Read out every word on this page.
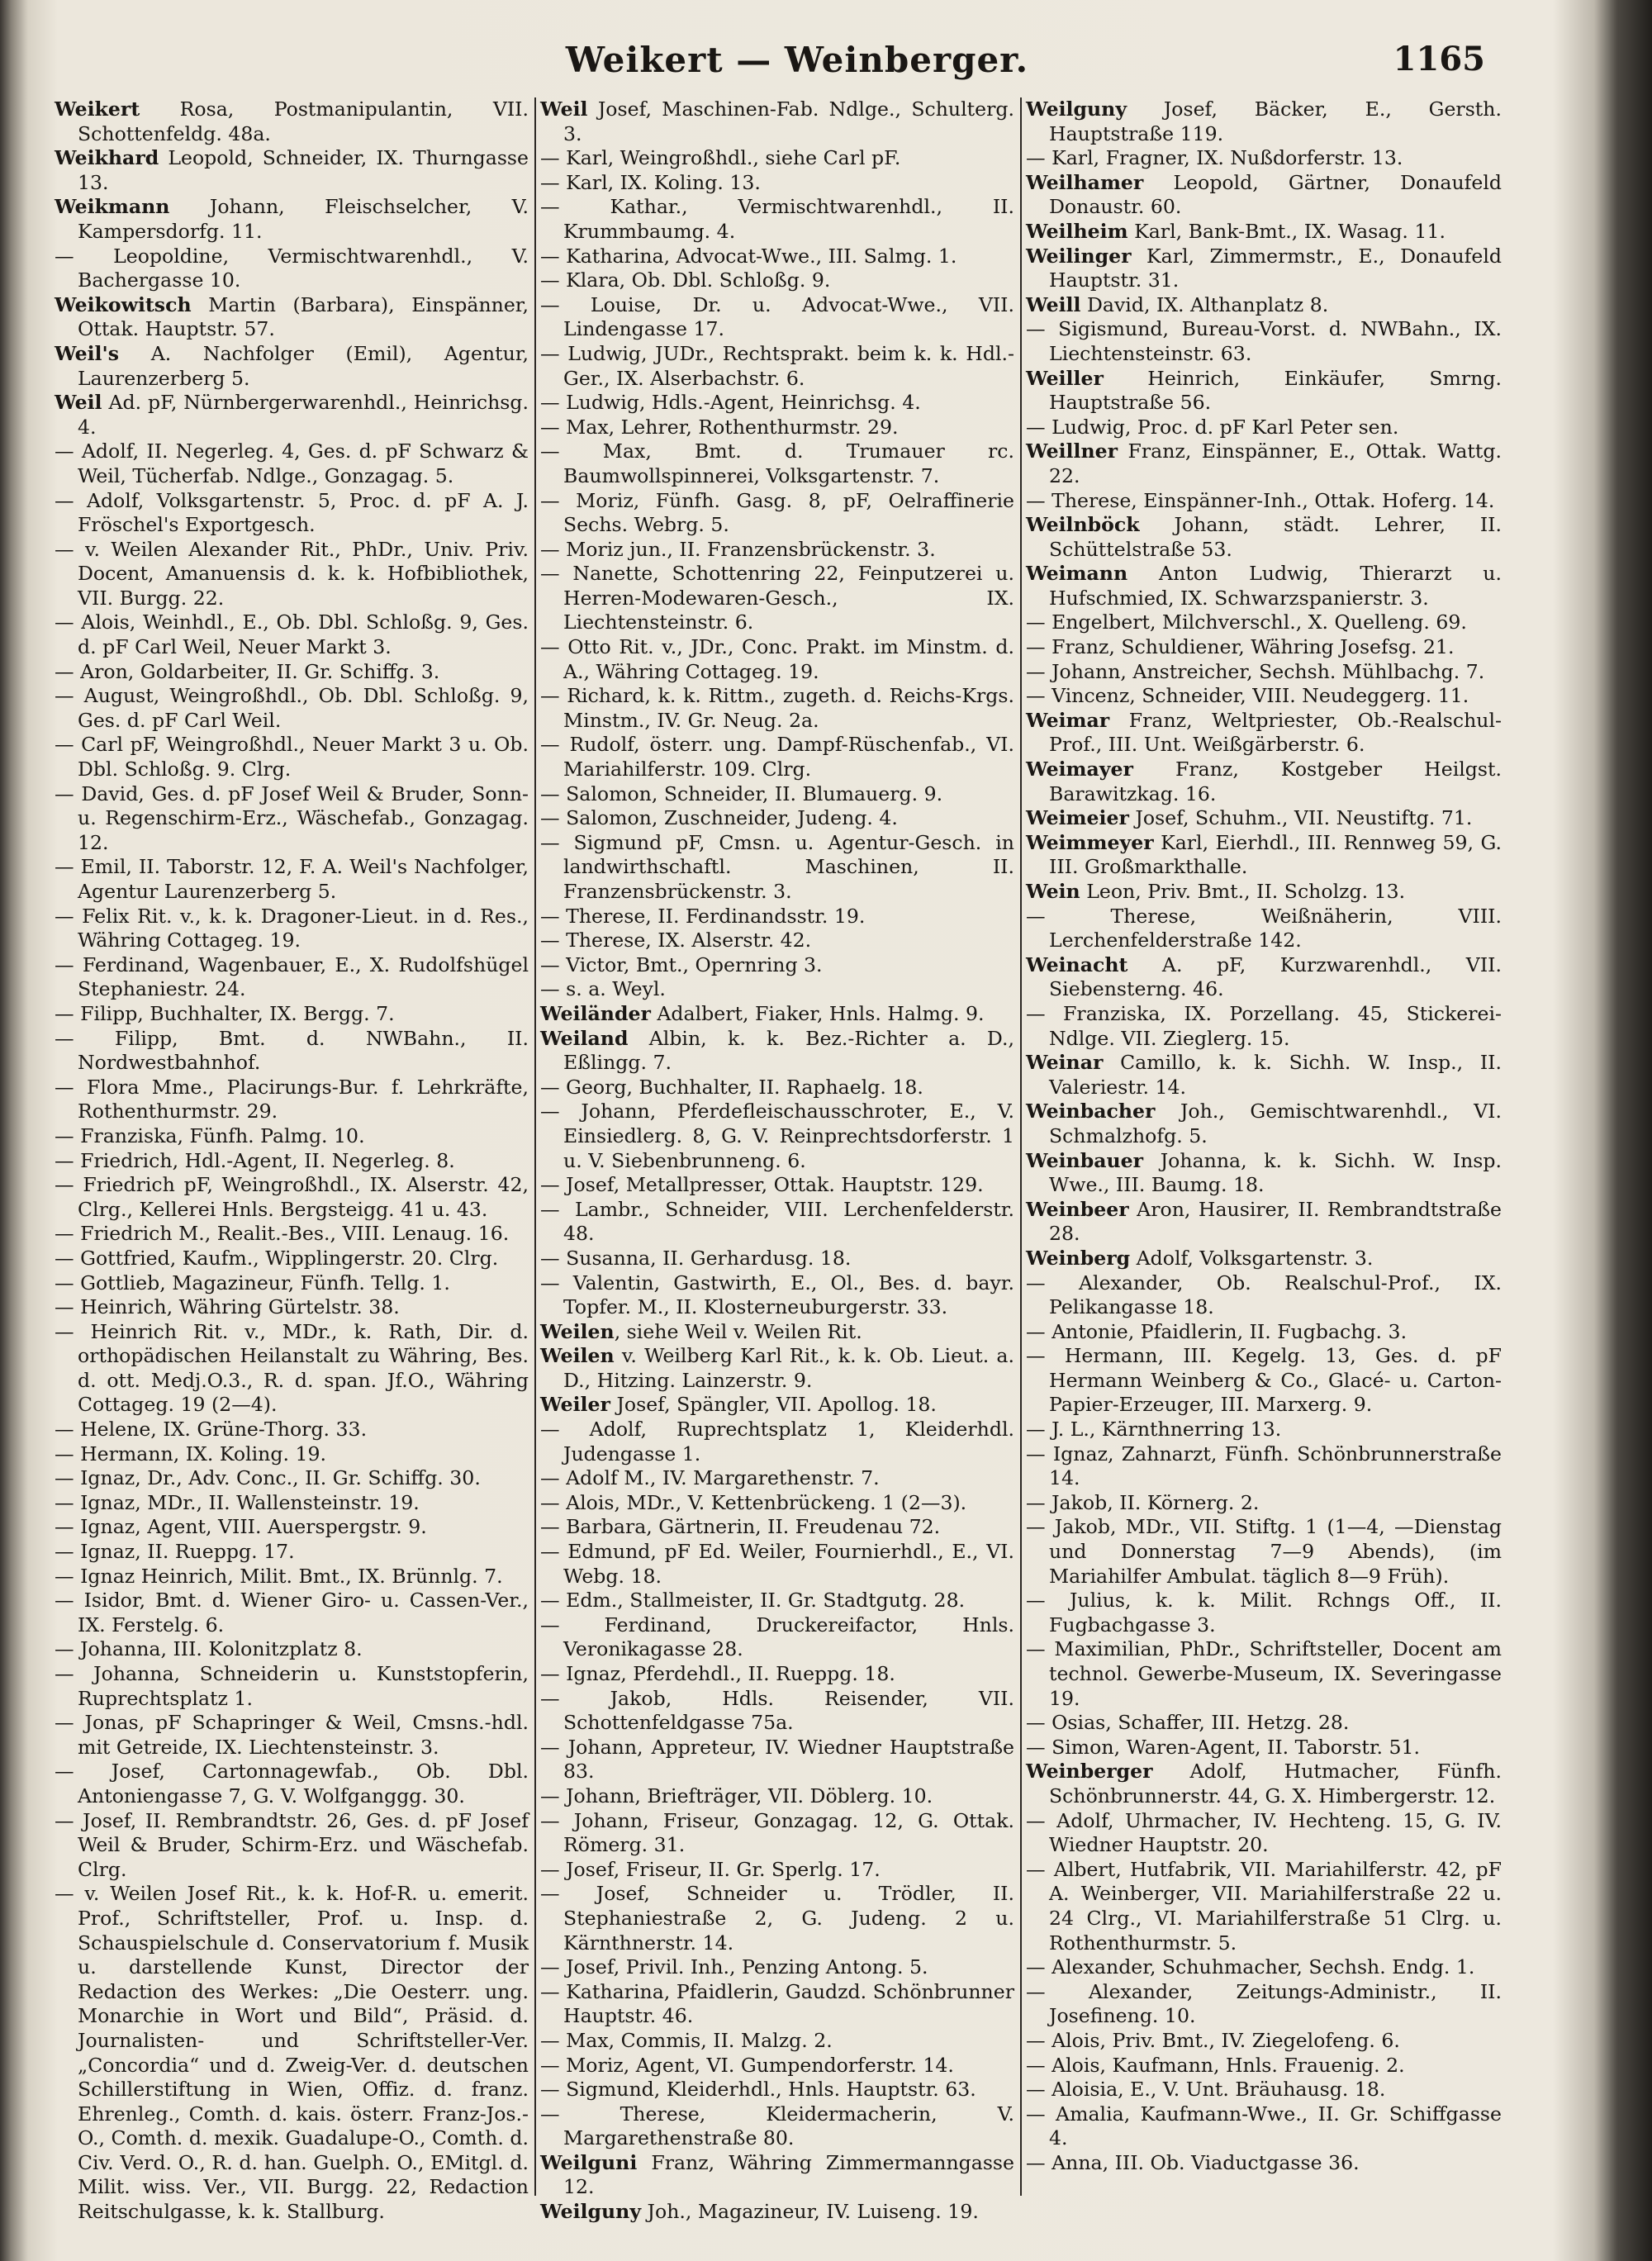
Weikert — Weinberger.	1165

Weikert Rosa, Postmanipulantin, VII. Schottenfeldg. 48a.

Weikhard Leopold, Schneider, IX. Thurngasse 13.

Weikmann Johann, Fleischselcher, V. Kampersdorfg. 11.

— Leopoldine, Vermischtwarenhdl., V. Bachergasse 10.

Weikowitsch Martin (Barbara), Einspänner, Ottak. Hauptstr. 57.

Weil's A. Nachfolger (Emil), Agentur, Laurenzerberg 5.

Weil Ad. pF, Nürnbergerwarenhdl., Heinrichsg. 4.

— Adolf, II. Negerleg. 4, Ges. d. pF Schwarz & Weil, Tücherfab. Ndlge., Gonzagag. 5.

— Adolf, Volksgartenstr. 5, Proc. d. pF A. J. Fröschel's Exportgesch.

— v. Weilen Alexander Rit., PhDr., Univ. Priv. Docent, Amanuensis d. k. k. Hofbibliothek, VII. Burgg. 22.

— Alois, Weinhdl., E., Ob. Dbl. Schloßg. 9, Ges. d. pF Carl Weil, Neuer Markt 3.

— Aron, Goldarbeiter, II. Gr. Schiffg. 3.

— August, Weingroßhdl., Ob. Dbl. Schloßg. 9, Ges. d. pF Carl Weil.

— Carl pF, Weingroßhdl., Neuer Markt 3 u. Ob. Dbl. Schloßg. 9. Clrg.

— David, Ges. d. pF Josef Weil & Bruder, Sonn- u. Regenschirm-Erz., Wäschefab., Gonzagag. 12.

— Emil, II. Taborstr. 12, F. A. Weil's Nachfolger, Agentur Laurenzerberg 5.

— Felix Rit. v., k. k. Dragoner-Lieut. in d. Res., Währing Cottageg. 19.

— Ferdinand, Wagenbauer, E., X. Rudolfshügel Stephaniestr. 24.

— Filipp, Buchhalter, IX. Bergg. 7.

— Filipp, Bmt. d. NWBahn., II. Nordwestbahnhof.

— Flora Mme., Placirungs-Bur. f. Lehrkräfte, Rothenthurmstr. 29.

— Franziska, Fünfh. Palmg. 10.

— Friedrich, Hdl.-Agent, II. Negerleg. 8.

— Friedrich pF, Weingroßhdl., IX. Alserstr. 42, Clrg., Kellerei Hnls. Bergsteigg. 41 u. 43.

— Friedrich M., Realit.-Bes., VIII. Lenaug. 16.

— Gottfried, Kaufm., Wipplingerstr. 20. Clrg.

— Gottlieb, Magazineur, Fünfh. Tellg. 1.

— Heinrich, Währing Gürtelstr. 38.

— Heinrich Rit. v., MDr., k. Rath, Dir. d. orthopädischen Heilanstalt zu Währing, Bes. d. ott. Medj.O.3., R. d. span. Jf.O., Währing Cottageg. 19 (2—4).

— Helene, IX. Grüne-Thorg. 33.

— Hermann, IX. Koling. 19.

— Ignaz, Dr., Adv. Conc., II. Gr. Schiffg. 30.

— Ignaz, MDr., II. Wallensteinstr. 19.

— Ignaz, Agent, VIII. Auerspergstr. 9.

— Ignaz, II. Rueppg. 17.

— Ignaz Heinrich, Milit. Bmt., IX. Brünnlg. 7.

— Isidor, Bmt. d. Wiener Giro- u. Cassen-Ver., IX. Ferstelg. 6.

— Johanna, III. Kolonitzplatz 8.

— Johanna, Schneiderin u. Kunststopferin, Ruprechtsplatz 1.

— Jonas, pF Schapringer & Weil, Cmsns.-hdl. mit Getreide, IX. Liechtensteinstr. 3.

— Josef, Cartonnagewfab., Ob. Dbl. Antoniengasse 7, G. V. Wolfganggg. 30.

— Josef, II. Rembrandtstr. 26, Ges. d. pF Josef Weil & Bruder, Schirm-Erz. und Wäschefab. Clrg.

— v. Weilen Josef Rit., k. k. Hof-R. u. emerit. Prof., Schriftsteller, Prof. u. Insp. d. Schauspielschule d. Conservatorium f. Musik u. darstellende Kunst, Director der Redaction des Werkes: „Die Oesterr. ung. Monarchie in Wort und Bild“, Präsid. d. Journalisten- und Schriftsteller-Ver. „Concordia“ und d. Zweig-Ver. d. deutschen Schillerstiftung in Wien, Offiz. d. franz. Ehrenleg., Comth. d. kais. österr. Franz-Jos.-O., Comth. d. mexik. Guadalupe-O., Comth. d. Civ. Verd. O., R. d. han. Guelph. O., EMitgl. d. Milit. wiss. Ver., VII. Burgg. 22, Redaction Reitschulgasse, k. k. Stallburg.

Weil Josef, Maschinen-Fab. Ndlge., Schulterg. 3.

— Karl, Weingroßhdl., siehe Carl pF.

— Karl, IX. Koling. 13.

— Kathar., Vermischtwarenhdl., II. Krummbaumg. 4.

— Katharina, Advocat-Wwe., III. Salmg. 1.

— Klara, Ob. Dbl. Schloßg. 9.

— Louise, Dr. u. Advocat-Wwe., VII. Lindengasse 17.

— Ludwig, JUDr., Rechtsprakt. beim k. k. Hdl.-Ger., IX. Alserbachstr. 6.

— Ludwig, Hdls.-Agent, Heinrichsg. 4.

— Max, Lehrer, Rothenthurmstr. 29.

— Max, Bmt. d. Trumauer rc. Baumwollspinnerei, Volksgartenstr. 7.

— Moriz, Fünfh. Gasg. 8, pF, Oelraffinerie Sechs. Webrg. 5.

— Moriz jun., II. Franzensbrückenstr. 3.

— Nanette, Schottenring 22, Feinputzerei u. Herren-Modewaren-Gesch., IX. Liechtensteinstr. 6.

— Otto Rit. v., JDr., Conc. Prakt. im Minstm. d. A., Währing Cottageg. 19.

— Richard, k. k. Rittm., zugeth. d. Reichs-Krgs. Minstm., IV. Gr. Neug. 2a.

— Rudolf, österr. ung. Dampf-Rüschenfab., VI. Mariahilferstr. 109. Clrg.

— Salomon, Schneider, II. Blumauerg. 9.

— Salomon, Zuschneider, Judeng. 4.

— Sigmund pF, Cmsn. u. Agentur-Gesch. in landwirthschaftl. Maschinen, II. Franzensbrückenstr. 3.

— Therese, II. Ferdinandsstr. 19.

— Therese, IX. Alserstr. 42.

— Victor, Bmt., Opernring 3.

— s. a. Weyl.

Weiländer Adalbert, Fiaker, Hnls. Halmg. 9.

Weiland Albin, k. k. Bez.-Richter a. D., Eßlingg. 7.

— Georg, Buchhalter, II. Raphaelg. 18.

— Johann, Pferdefleischausschroter, E., V. Einsiedlerg. 8, G. V. Reinprechtsdorferstr. 1 u. V. Siebenbrunneng. 6.

— Josef, Metallpresser, Ottak. Hauptstr. 129.

— Lambr., Schneider, VIII. Lerchenfelderstr. 48.

— Susanna, II. Gerhardusg. 18.

— Valentin, Gastwirth, E., Ol., Bes. d. bayr. Topfer. M., II. Klosterneuburgerstr. 33.

Weilen, siehe Weil v. Weilen Rit.

Weilen v. Weilberg Karl Rit., k. k. Ob. Lieut. a. D., Hitzing. Lainzerstr. 9.

Weiler Josef, Spängler, VII. Apollog. 18.

— Adolf, Ruprechtsplatz 1, Kleiderhdl. Judengasse 1.

— Adolf M., IV. Margarethenstr. 7.

— Alois, MDr., V. Kettenbrückeng. 1 (2—3).

— Barbara, Gärtnerin, II. Freudenau 72.

— Edmund, pF Ed. Weiler, Fournierhdl., E., VI. Webg. 18.

— Edm., Stallmeister, II. Gr. Stadtgutg. 28.

— Ferdinand, Druckereifactor, Hnls. Veronikagasse 28.

— Ignaz, Pferdehdl., II. Rueppg. 18.

— Jakob, Hdls. Reisender, VII. Schottenfeldgasse 75a.

— Johann, Appreteur, IV. Wiedner Hauptstraße 83.

— Johann, Briefträger, VII. Döblerg. 10.

— Johann, Friseur, Gonzagag. 12, G. Ottak. Römerg. 31.

— Josef, Friseur, II. Gr. Sperlg. 17.

— Josef, Schneider u. Trödler, II. Stephaniestraße 2, G. Judeng. 2 u. Kärnthnerstr. 14.

— Josef, Privil. Inh., Penzing Antong. 5.

— Katharina, Pfaidlerin, Gaudzd. Schönbrunner Hauptstr. 46.

— Max, Commis, II. Malzg. 2.

— Moriz, Agent, VI. Gumpendorferstr. 14.

— Sigmund, Kleiderhdl., Hnls. Hauptstr. 63.

— Therese, Kleidermacherin, V. Margarethenstraße 80.

Weilguni Franz, Währing Zimmermanngasse 12.

Weilguny Joh., Magazineur, IV. Luiseng. 19.

Weilguny Josef, Bäcker, E., Gersth. Hauptstraße 119.

— Karl, Fragner, IX. Nußdorferstr. 13.

Weilhamer Leopold, Gärtner, Donaufeld Donaustr. 60.

Weilheim Karl, Bank-Bmt., IX. Wasag. 11.

Weilinger Karl, Zimmermstr., E., Donaufeld Hauptstr. 31.

Weill David, IX. Althanplatz 8.

— Sigismund, Bureau-Vorst. d. NWBahn., IX. Liechtensteinstr. 63.

Weiller Heinrich, Einkäufer, Smrng. Hauptstraße 56.

— Ludwig, Proc. d. pF Karl Peter sen.

Weillner Franz, Einspänner, E., Ottak. Wattg. 22.

— Therese, Einspänner-Inh., Ottak. Hoferg. 14.

Weilnböck Johann, städt. Lehrer, II. Schüttelstraße 53.

Weimann Anton Ludwig, Thierarzt u. Hufschmied, IX. Schwarzspanierstr. 3.

— Engelbert, Milchverschl., X. Quelleng. 69.

— Franz, Schuldiener, Währing Josefsg. 21.

— Johann, Anstreicher, Sechsh. Mühlbachg. 7.

— Vincenz, Schneider, VIII. Neudeggerg. 11.

Weimar Franz, Weltpriester, Ob.-Realschul-Prof., III. Unt. Weißgärberstr. 6.

Weimayer Franz, Kostgeber Heilgst. Barawitzkag. 16.

Weimeier Josef, Schuhm., VII. Neustiftg. 71.

Weimmeyer Karl, Eierhdl., III. Rennweg 59, G. III. Großmarkthalle.

Wein Leon, Priv. Bmt., II. Scholzg. 13.

— Therese, Weißnäherin, VIII. Lerchenfelderstraße 142.

Weinacht A. pF, Kurzwarenhdl., VII. Siebensterng. 46.

— Franziska, IX. Porzellang. 45, Stickerei-Ndlge. VII. Zieglerg. 15.

Weinar Camillo, k. k. Sichh. W. Insp., II. Valeriestr. 14.

Weinbacher Joh., Gemischtwarenhdl., VI. Schmalzhofg. 5.

Weinbauer Johanna, k. k. Sichh. W. Insp. Wwe., III. Baumg. 18.

Weinbeer Aron, Hausirer, II. Rembrandtstraße 28.

Weinberg Adolf, Volksgartenstr. 3.

— Alexander, Ob. Realschul-Prof., IX. Pelikangasse 18.

— Antonie, Pfaidlerin, II. Fugbachg. 3.

— Hermann, III. Kegelg. 13, Ges. d. pF Hermann Weinberg & Co., Glacé- u. Carton-Papier-Erzeuger, III. Marxerg. 9.

— J. L., Kärnthnerring 13.

— Ignaz, Zahnarzt, Fünfh. Schönbrunnerstraße 14.

— Jakob, II. Körnerg. 2.

— Jakob, MDr., VII. Stiftg. 1 (1—4, —Dienstag und Donnerstag 7—9 Abends), (im Mariahilfer Ambulat. täglich 8—9 Früh).

— Julius, k. k. Milit. Rchngs Off., II. Fugbachgasse 3.

— Maximilian, PhDr., Schriftsteller, Docent am technol. Gewerbe-Museum, IX. Severingasse 19.

— Osias, Schaffer, III. Hetzg. 28.

— Simon, Waren-Agent, II. Taborstr. 51.

Weinberger Adolf, Hutmacher, Fünfh. Schönbrunnerstr. 44, G. X. Himbergerstr. 12.

— Adolf, Uhrmacher, IV. Hechteng. 15, G. IV. Wiedner Hauptstr. 20.

— Albert, Hutfabrik, VII. Mariahilferstr. 42, pF A. Weinberger, VII. Mariahilferstraße 22 u. 24 Clrg., VI. Mariahilferstraße 51 Clrg. u. Rothenthurmstr. 5.

— Alexander, Schuhmacher, Sechsh. Endg. 1.

— Alexander, Zeitungs-Administr., II. Josefineng. 10.

— Alois, Priv. Bmt., IV. Ziegelofeng. 6.

— Alois, Kaufmann, Hnls. Frauenig. 2.

— Aloisia, E., V. Unt. Bräuhausg. 18.

— Amalia, Kaufmann-Wwe., II. Gr. Schiffgasse 4.

— Anna, III. Ob. Viaductgasse 36.
